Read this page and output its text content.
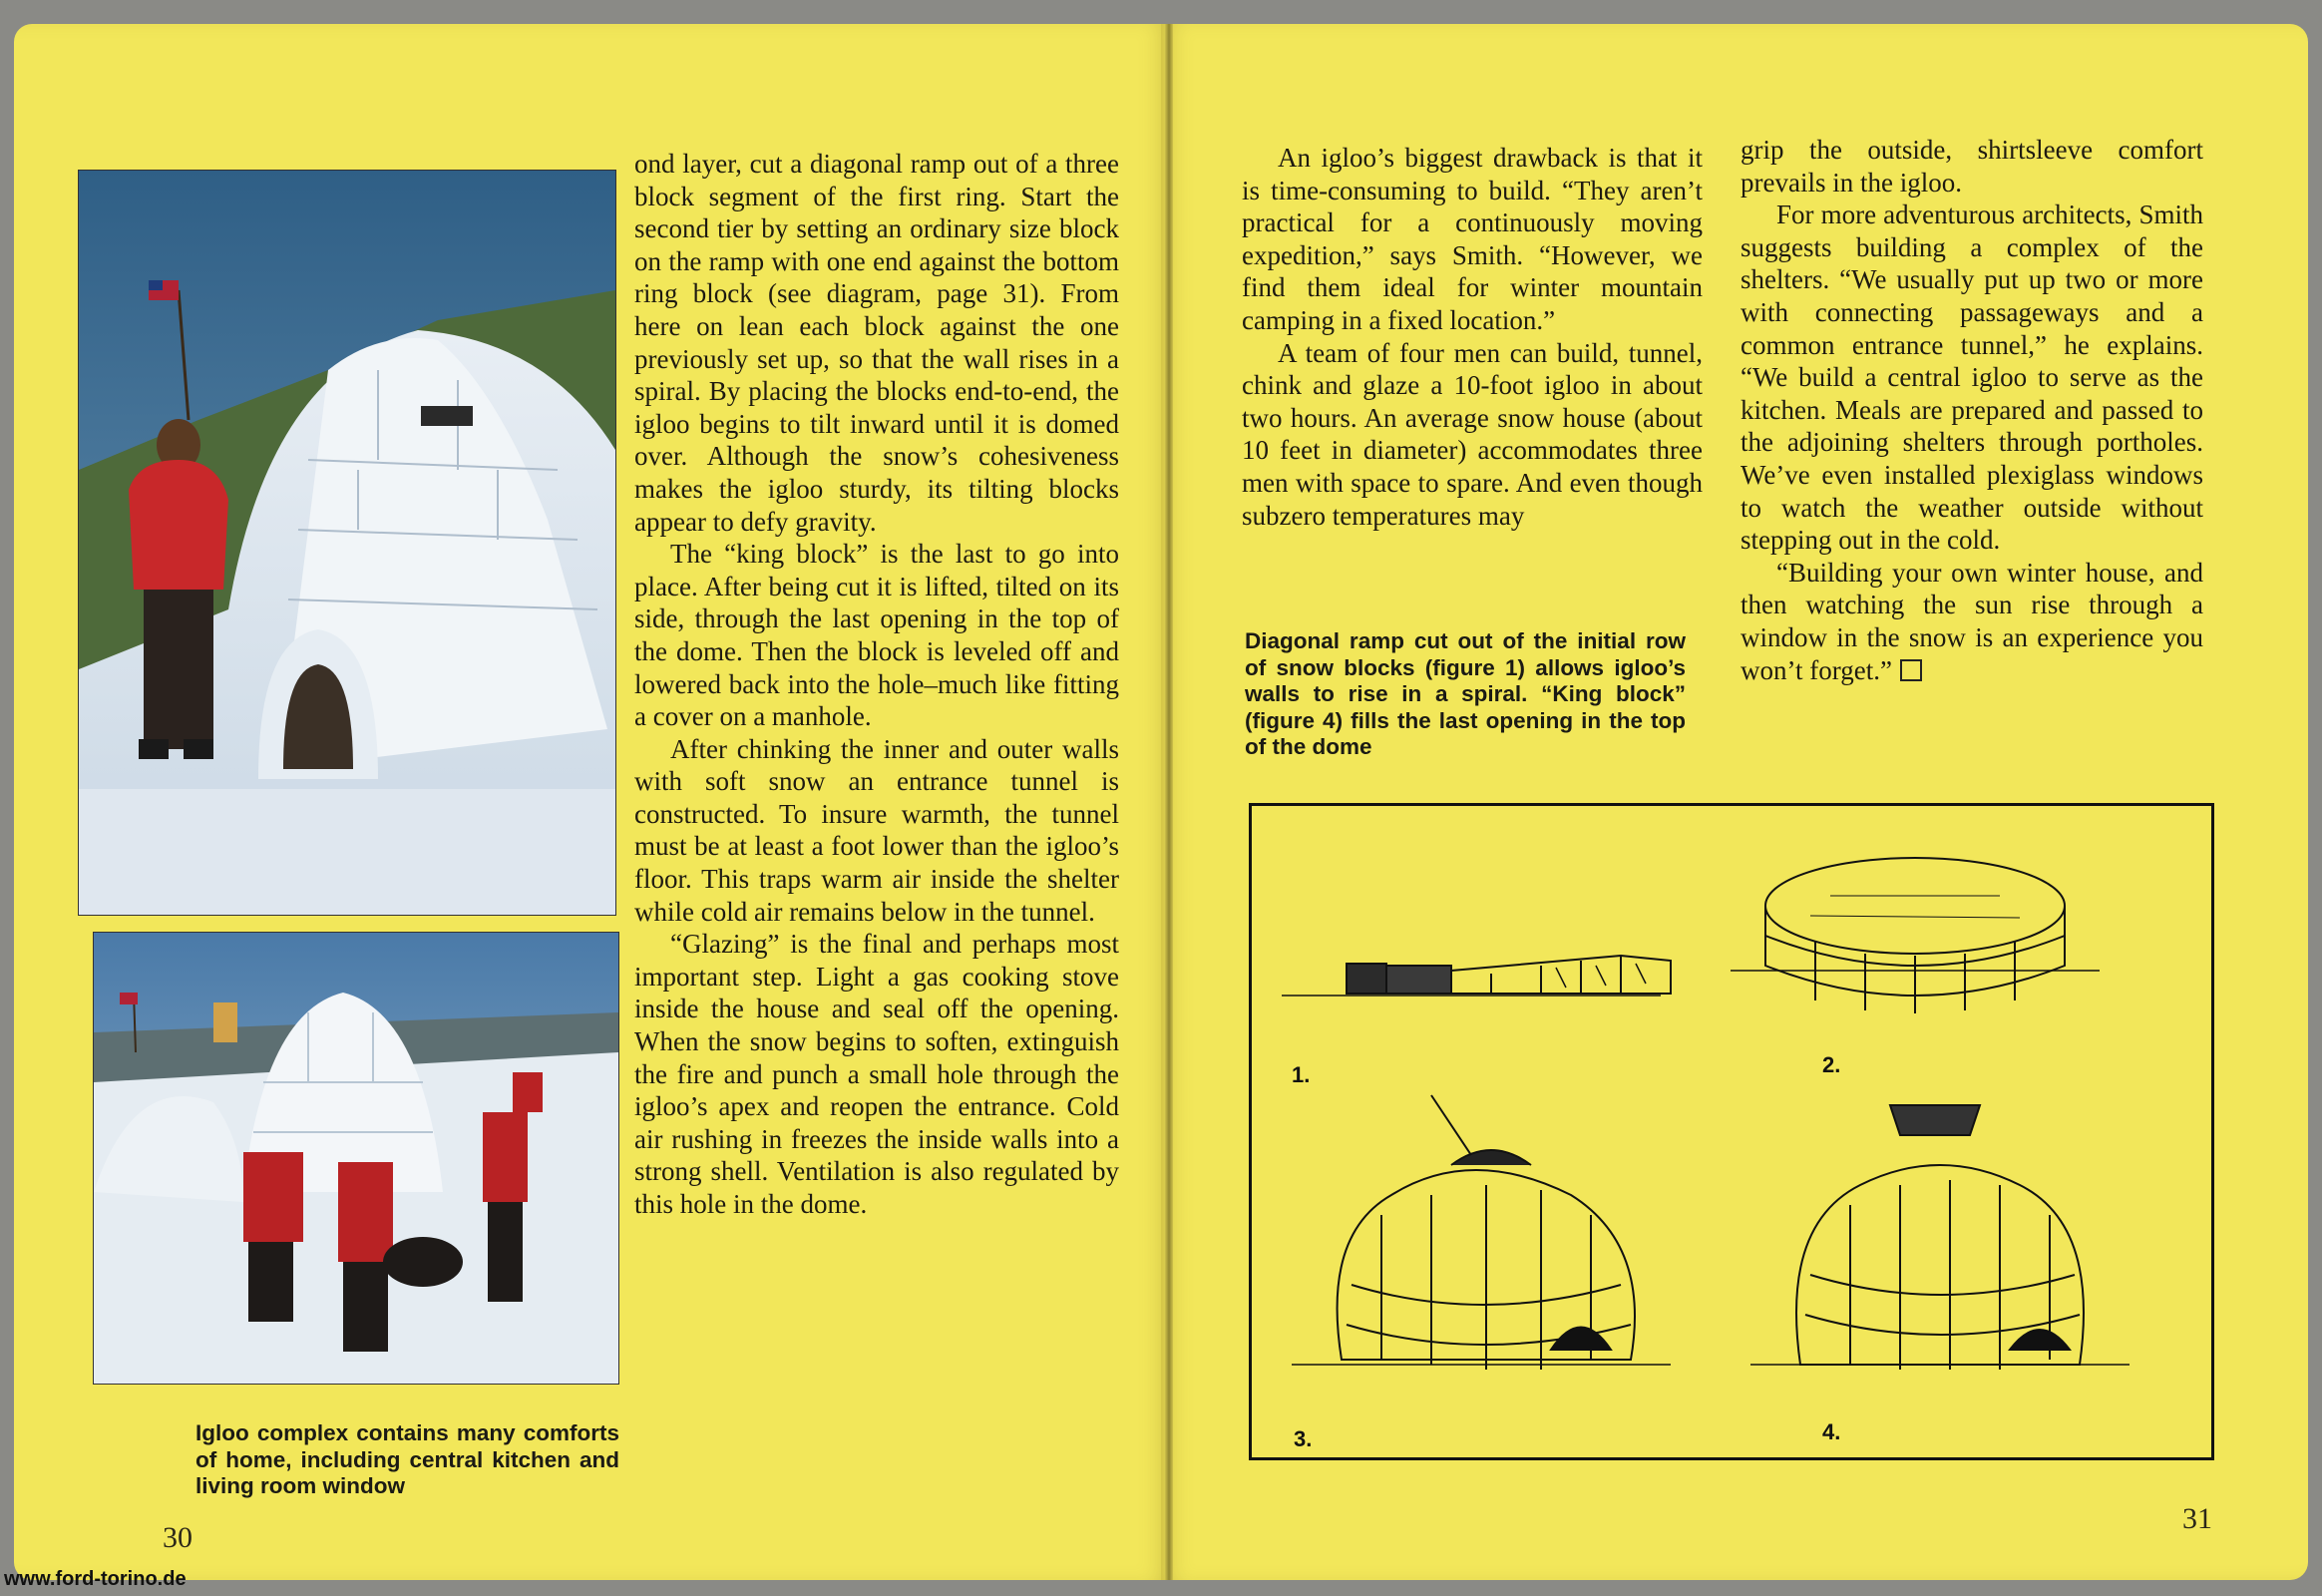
ond layer, cut a diagonal ramp out of a three block segment of the first ring. Start the second tier by setting an ordinary size block on the ramp with one end against the bottom ring block (see diagram, page 31). From here on lean each block against the one previously set up, so that the wall rises in a spiral. By placing the blocks end-to-end, the igloo begins to tilt inward until it is domed over. Although the snow’s cohesiveness makes the igloo sturdy, its tilting blocks appear to defy gravity.

The “king block” is the last to go into place. After being cut it is lifted, tilted on its side, through the last opening in the top of the dome. Then the block is leveled off and lowered back into the hole–much like fitting a cover on a manhole.

After chinking the inner and outer walls with soft snow an entrance tunnel is constructed. To insure warmth, the tunnel must be at least a foot lower than the igloo’s floor. This traps warm air inside the shelter while cold air remains below in the tunnel.

“Glazing” is the final and perhaps most important step. Light a gas cooking stove inside the house and seal off the opening. When the snow begins to soften, extinguish the fire and punch a small hole through the igloo’s apex and reopen the entrance. Cold air rushing in freezes the inside walls into a strong shell. Ventilation is also regulated by this hole in the dome.

Igloo complex contains many comforts of home, including central kitchen and living room window
30

An igloo’s biggest drawback is that it is time-consuming to build. “They aren’t practical for a continuously moving expedition,” says Smith. “However, we find them ideal for winter mountain camping in a fixed location.”

A team of four men can build, tunnel, chink and glaze a 10-foot igloo in about two hours. An average snow house (about 10 feet in diameter) accommodates three men with space to spare. And even though subzero temperatures may

Diagonal ramp cut out of the initial row of snow blocks (figure 1) allows igloo’s walls to rise in a spiral. “King block” (figure 4) fills the last opening in the top of the dome

grip the outside, shirtsleeve comfort prevails in the igloo.

For more adventurous architects, Smith suggests building a complex of the shelters. “We usually put up two or more with connecting passageways and a common entrance tunnel,” he explains. “We build a central igloo to serve as the kitchen. Meals are prepared and passed to the adjoining shelters through portholes. We’ve even installed plexiglass windows to watch the weather outside without stepping out in the cold.

“Building your own winter house, and then watching the sun rise through a window in the snow is an experience you won’t forget.”

1.	2.
3.	4.
31
www.ford-torino.de
